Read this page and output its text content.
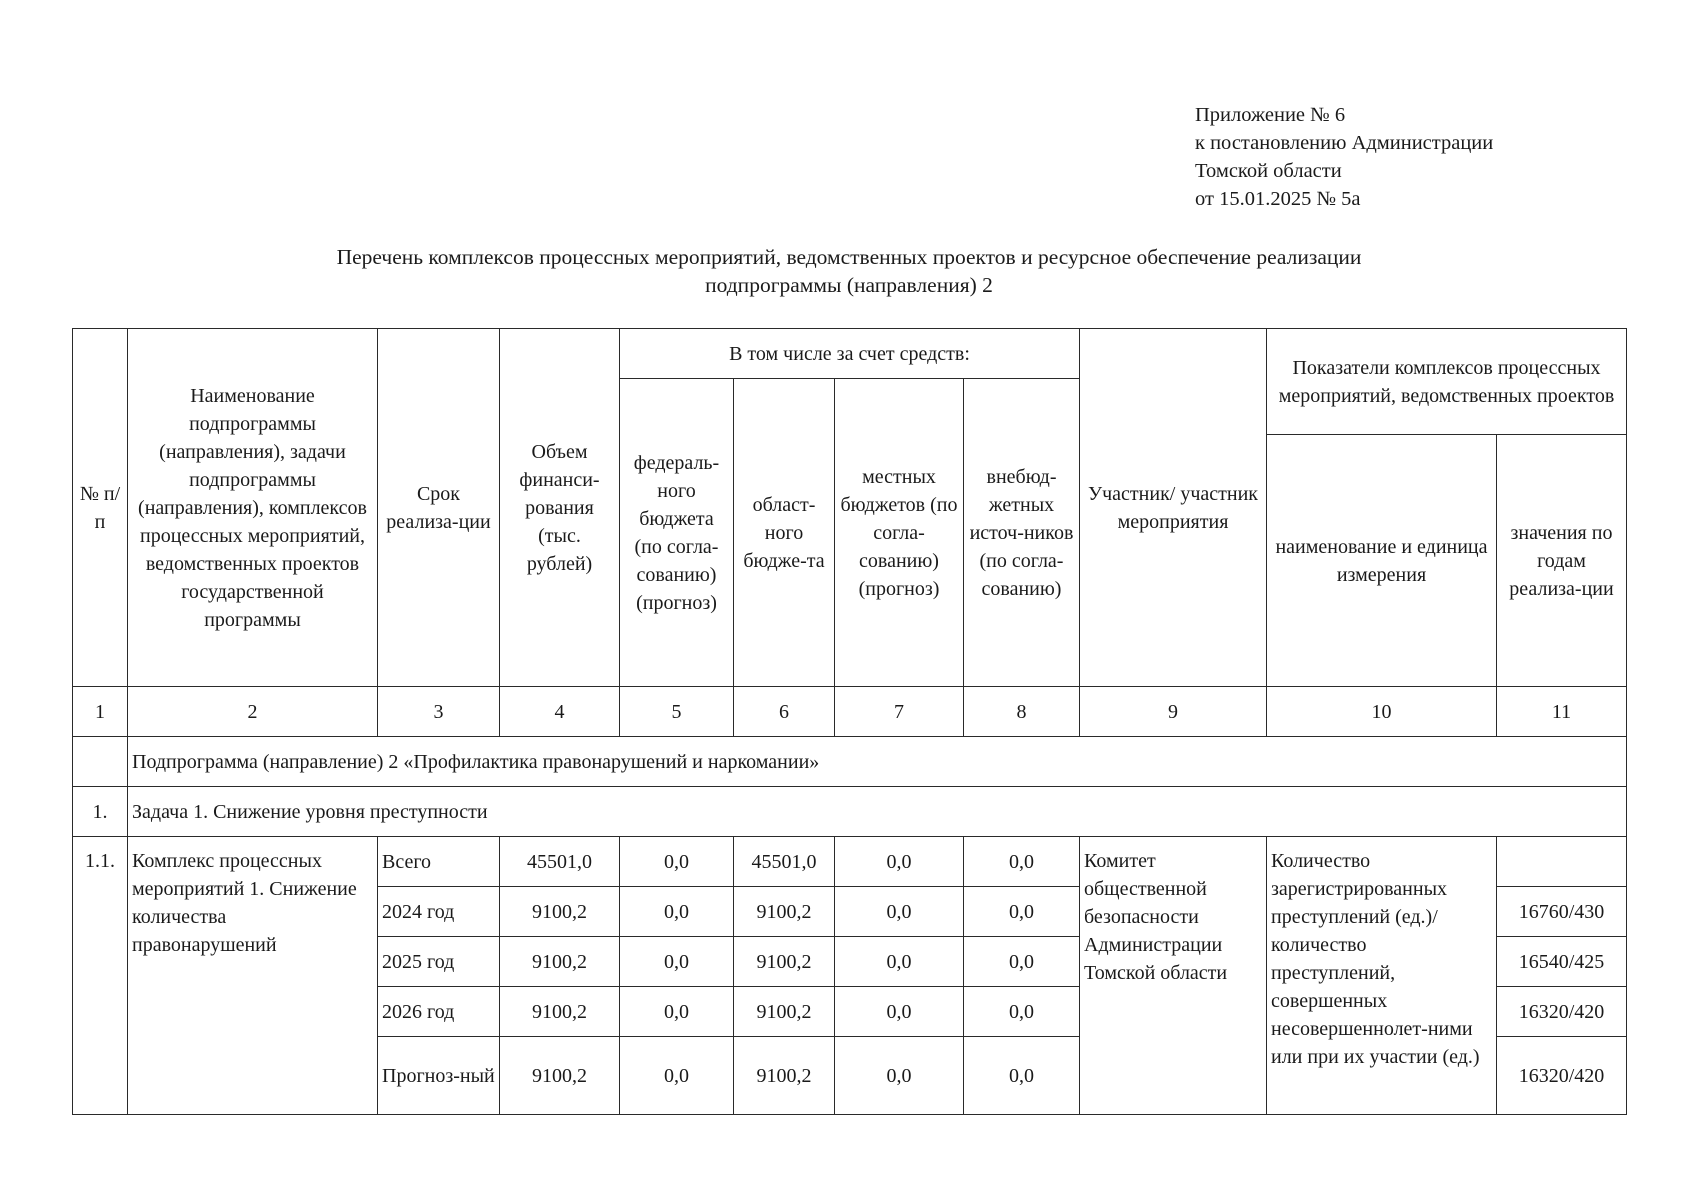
Приложение № 6
к постановлению Администрации
Томской области
от 15.01.2025 № 5а
Перечень комплексов процессных мероприятий, ведомственных проектов и ресурсное обеспечение реализации
подпрограммы (направления) 2
№ п/п	Наименование подпрограммы (направления), задачи подпрограммы (направления), комплексов процессных мероприятий, ведомственных проектов государственной программы	Срок реализа-ции	Объем финанси-рования (тыс. рублей)	В том числе за счет средств:				Участник/ участник мероприятия	Показатели комплексов процессных мероприятий, ведомственных проектов	
				федераль-ного бюджета (по согла-сованию) (прогноз)	област-ного бюдже-та	местных бюджетов (по согла-сованию) (прогноз)	внебюд-жетных источ-ников (по согла-сованию)			
									наименование и единица измерения	значения по годам реализа-ции
1	2	3	4	5	6	7	8	9	10	11
	Подпрограмма (направление) 2 «Профилактика правонарушений и наркомании»									
1.	Задача 1. Снижение уровня преступности									
1.1.	Комплекс процессных мероприятий 1. Снижение количества правонарушений	Всего	45501,0	0,0	45501,0	0,0	0,0	Комитет общественной безопасности Администрации Томской области	Количество зарегистрированных преступлений (ед.)/количество преступлений, совершенных несовершеннолет-ними или при их участии (ед.)	
		2024 год	9100,2	0,0	9100,2	0,0	0,0			16760/430
		2025 год	9100,2	0,0	9100,2	0,0	0,0			16540/425
		2026 год	9100,2	0,0	9100,2	0,0	0,0			16320/420
		Прогноз-ный	9100,2	0,0	9100,2	0,0	0,0			16320/420
